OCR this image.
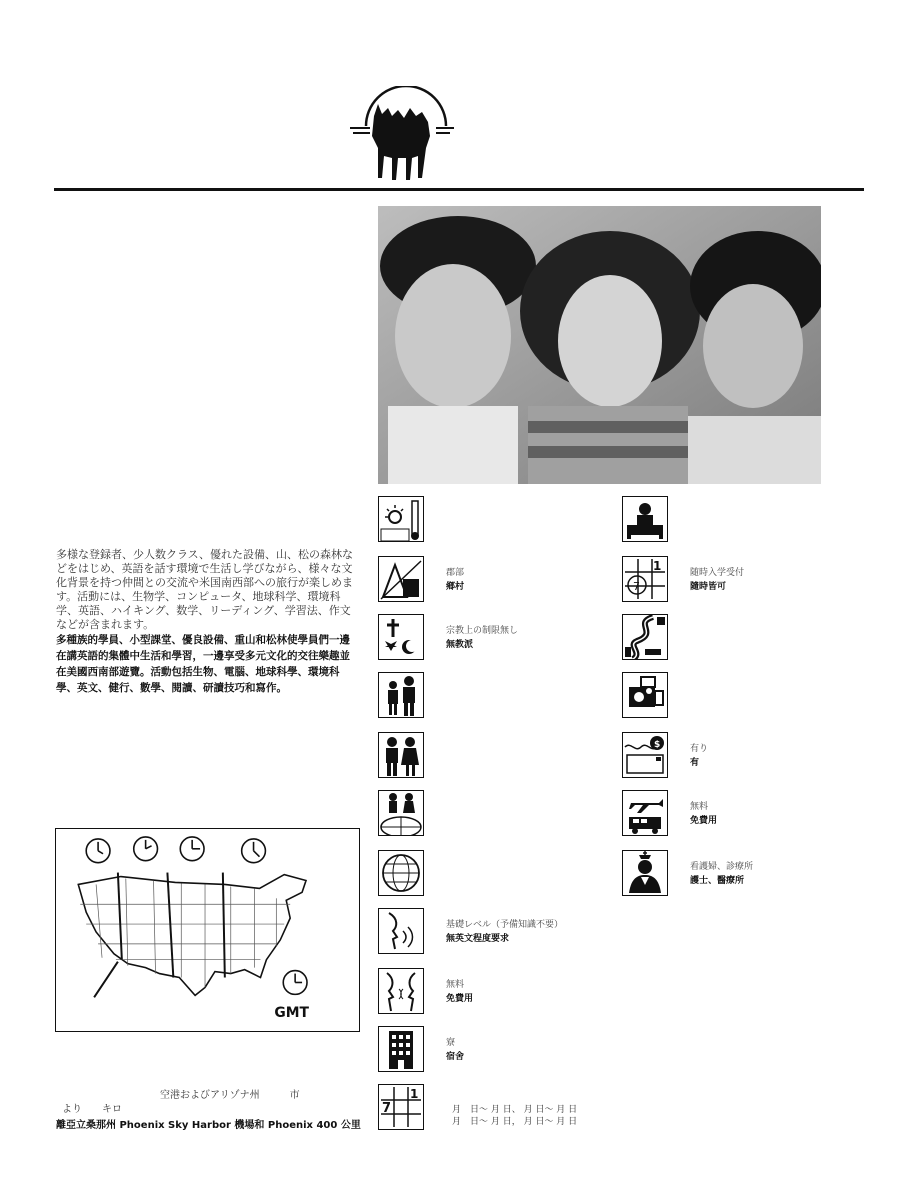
多様な登録者、少人数クラス、優れた設備、山、松の森林などをはじめ、英語を話す環境で生活し学びながら、様々な文化背景を持つ仲間との交流や米国南西部への旅行が楽しめます。活動には、生物学、コンピュータ、地球科学、環境科学、英語、ハイキング、数学、リーディング、学習法、作文などが含まれます。
多種族的學員、小型課堂、優良設備、重山和松林使學員們一邊在講英語的集體中生活和學習，一邊享受多元文化的交往樂趣並在美國西南部遊覽。活動包括生物、電腦、地球科學、環境科學、英文、健行、數學、閱讀、研讀技巧和寫作。
GMT
郡部
鄉村
宗教上の制限無し
無教派
基礎レベル（予備知識不要）
無英文程度要求
無料
免費用
寮
宿舍
1
7
1
7
随時入学受付
隨時皆可
$	有り
有
無料
免費用
看護婦、診療所
護士、醫療所
月　日～ 月 日、 月 日～ 月 日
月　日～ 月 日， 月 日～ 月 日
空港およびアリゾナ州　　　市
より　　キロ
離亞立桑那州 Phoenix Sky Harbor 機場和 Phoenix 400 公里
